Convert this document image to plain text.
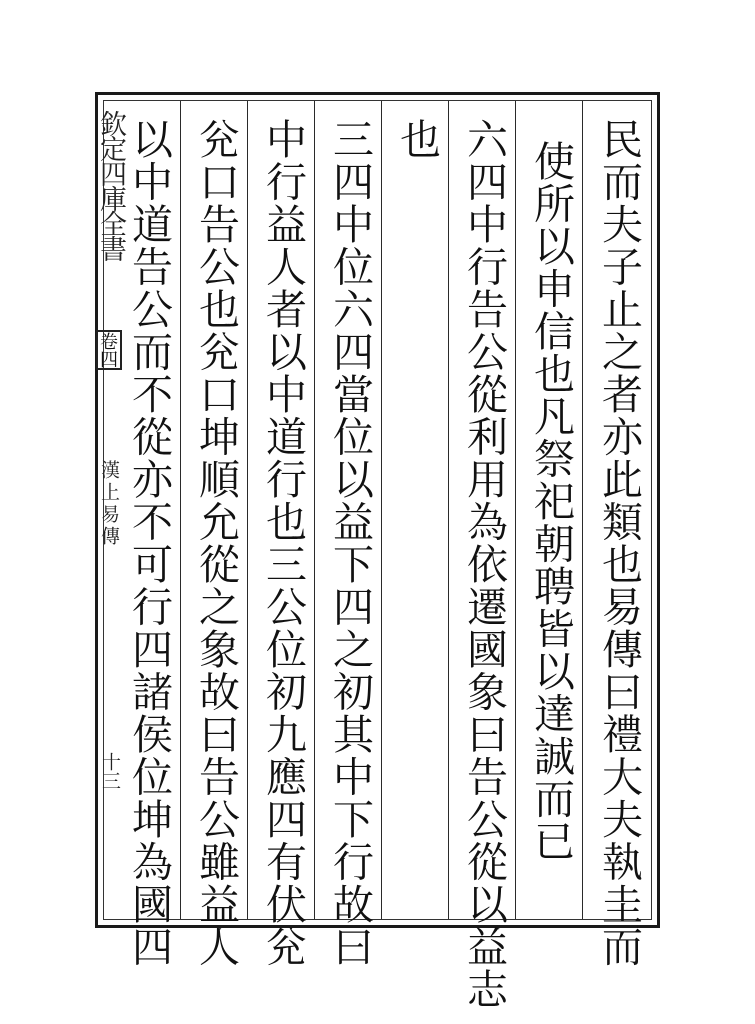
欽定四庫全書
卷四
漢上易傳
十三	民而夫子止之者亦此類也易傳曰禮大夫執圭而
使所以申信也凡祭祀朝聘皆以達誠而已
六四中行告公從利用為依遷國象曰告公從以益志
也
三四中位六四當位以益下四之初其中下行故曰
中行益人者以中道行也三公位初九應四有伏兊
兊口告公也兊口坤順允從之象故曰告公雖益人
以中道告公而不從亦不可行四諸侯位坤為國四
